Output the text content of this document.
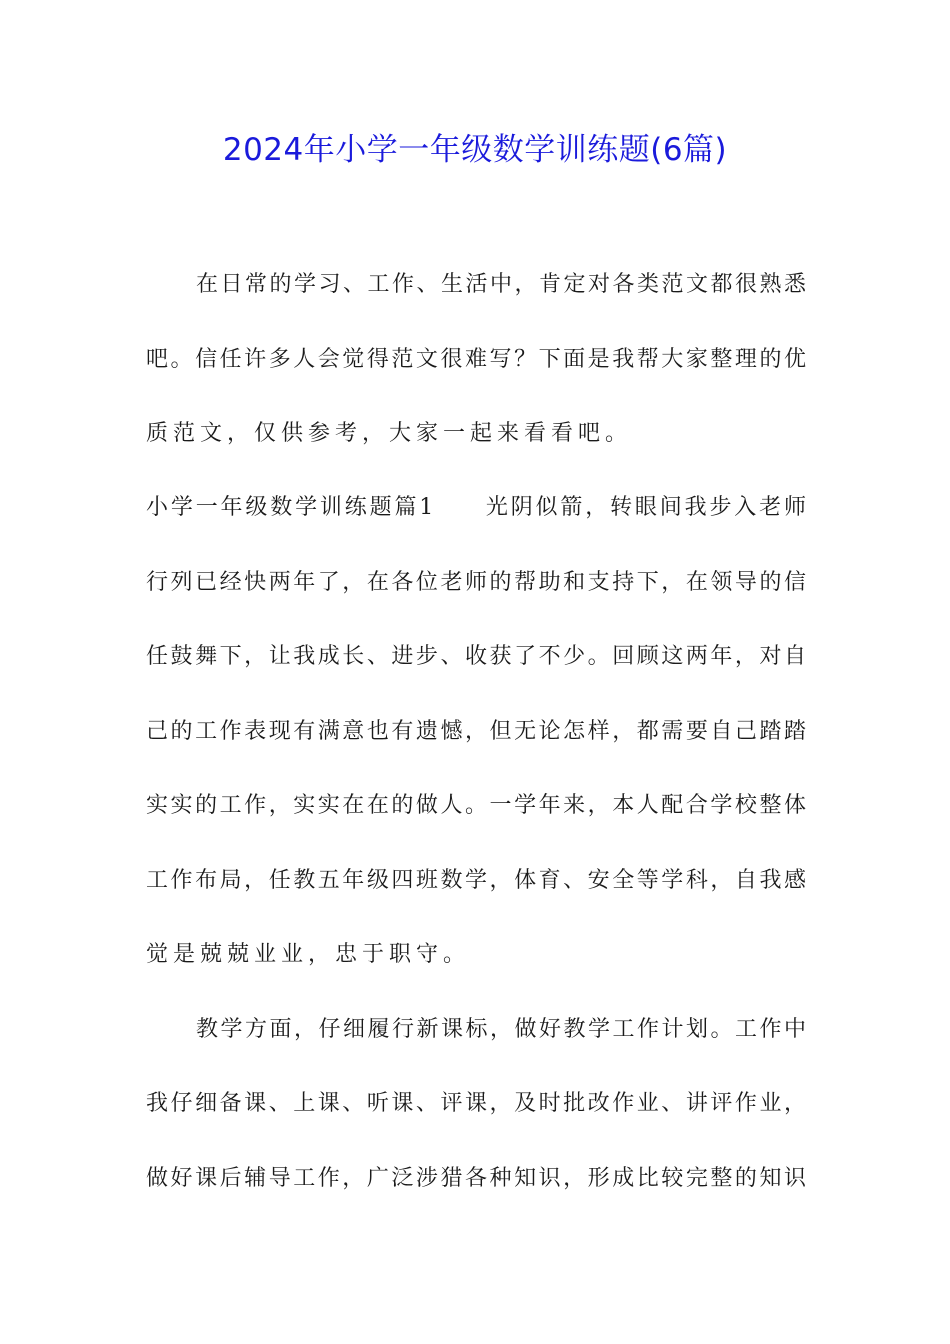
2024年小学一年级数学训练题(6篇)
在日常的学习、工作、生活中，肯定对各类范文都很熟悉
吧。信任许多人会觉得范文很难写？下面是我帮大家整理的优
质范文，仅供参考，大家一起来看看吧。
小学一年级数学训练题篇1　　光阴似箭，转眼间我步入老师
行列已经快两年了，在各位老师的帮助和支持下，在领导的信
任鼓舞下，让我成长、进步、收获了不少。回顾这两年，对自
己的工作表现有满意也有遗憾，但无论怎样，都需要自己踏踏
实实的工作，实实在在的做人。一学年来，本人配合学校整体
工作布局，任教五年级四班数学，体育、安全等学科，自我感
觉是兢兢业业，忠于职守。
教学方面，仔细履行新课标，做好教学工作计划。工作中
我仔细备课、上课、听课、评课，及时批改作业、讲评作业，
做好课后辅导工作，广泛涉猎各种知识，形成比较完整的知识
